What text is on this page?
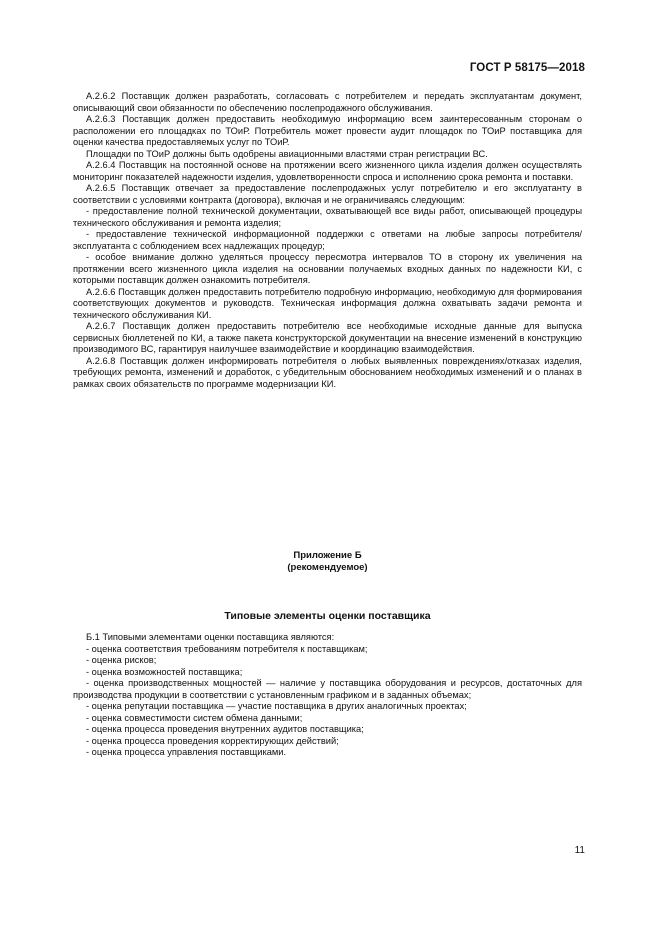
ГОСТ Р 58175—2018

А.2.6.2 Поставщик должен разработать, согласовать с потребителем и передать эксплуатантам документ, описывающий свои обязанности по обеспечению послепродажного обслуживания.

А.2.6.3 Поставщик должен предоставить необходимую информацию всем заинтересованным сторонам о расположении его площадках по ТОиР. Потребитель может провести аудит площадок по ТОиР поставщика для оценки качества предоставляемых услуг по ТОиР.

Площадки по ТОиР должны быть одобрены авиационными властями стран регистрации ВС.

А.2.6.4 Поставщик на постоянной основе на протяжении всего жизненного цикла изделия должен осуществлять мониторинг показателей надежности изделия, удовлетворенности спроса и исполнению срока ремонта и поставки.

А.2.6.5 Поставщик отвечает за предоставление послепродажных услуг потребителю и его эксплуатанту в соответствии с условиями контракта (договора), включая и не ограничиваясь следующим:

- предоставление полной технической документации, охватывающей все виды работ, описывающей процедуры технического обслуживания и ремонта изделия;

- предоставление технической информационной поддержки с ответами на любые запросы потребителя/эксплуатанта с соблюдением всех надлежащих процедур;

- особое внимание должно уделяться процессу пересмотра интервалов ТО в сторону их увеличения на протяжении всего жизненного цикла изделия на основании получаемых входных данных по надежности КИ, с которыми поставщик должен ознакомить потребителя.

А.2.6.6 Поставщик должен предоставить потребителю подробную информацию, необходимую для формирования соответствующих документов и руководств. Техническая информация должна охватывать задачи ремонта и технического обслуживания КИ.

А.2.6.7 Поставщик должен предоставить потребителю все необходимые исходные данные для выпуска сервисных бюллетеней по КИ, а также пакета конструкторской документации на внесение изменений в конструкцию производимого ВС, гарантируя наилучшее взаимодействие и координацию взаимодействия.

А.2.6.8 Поставщик должен информировать потребителя о любых выявленных повреждениях/отказах изделия, требующих ремонта, изменений и доработок, с убедительным обоснованием необходимых изменений и о планах в рамках своих обязательств по программе модернизации КИ.

Приложение Б
(рекомендуемое)
Типовые элементы оценки поставщика

Б.1 Типовыми элементами оценки поставщика являются:

- оценка соответствия требованиям потребителя к поставщикам;

- оценка рисков;

- оценка возможностей поставщика;

- оценка производственных мощностей — наличие у поставщика оборудования и ресурсов, достаточных для производства продукции в соответствии с установленным графиком и в заданных объемах;

- оценка репутации поставщика — участие поставщика в других аналогичных проектах;

- оценка совместимости систем обмена данными;

- оценка процесса проведения внутренних аудитов поставщика;

- оценка процесса проведения корректирующих действий;

- оценка процесса управления поставщиками.

11
